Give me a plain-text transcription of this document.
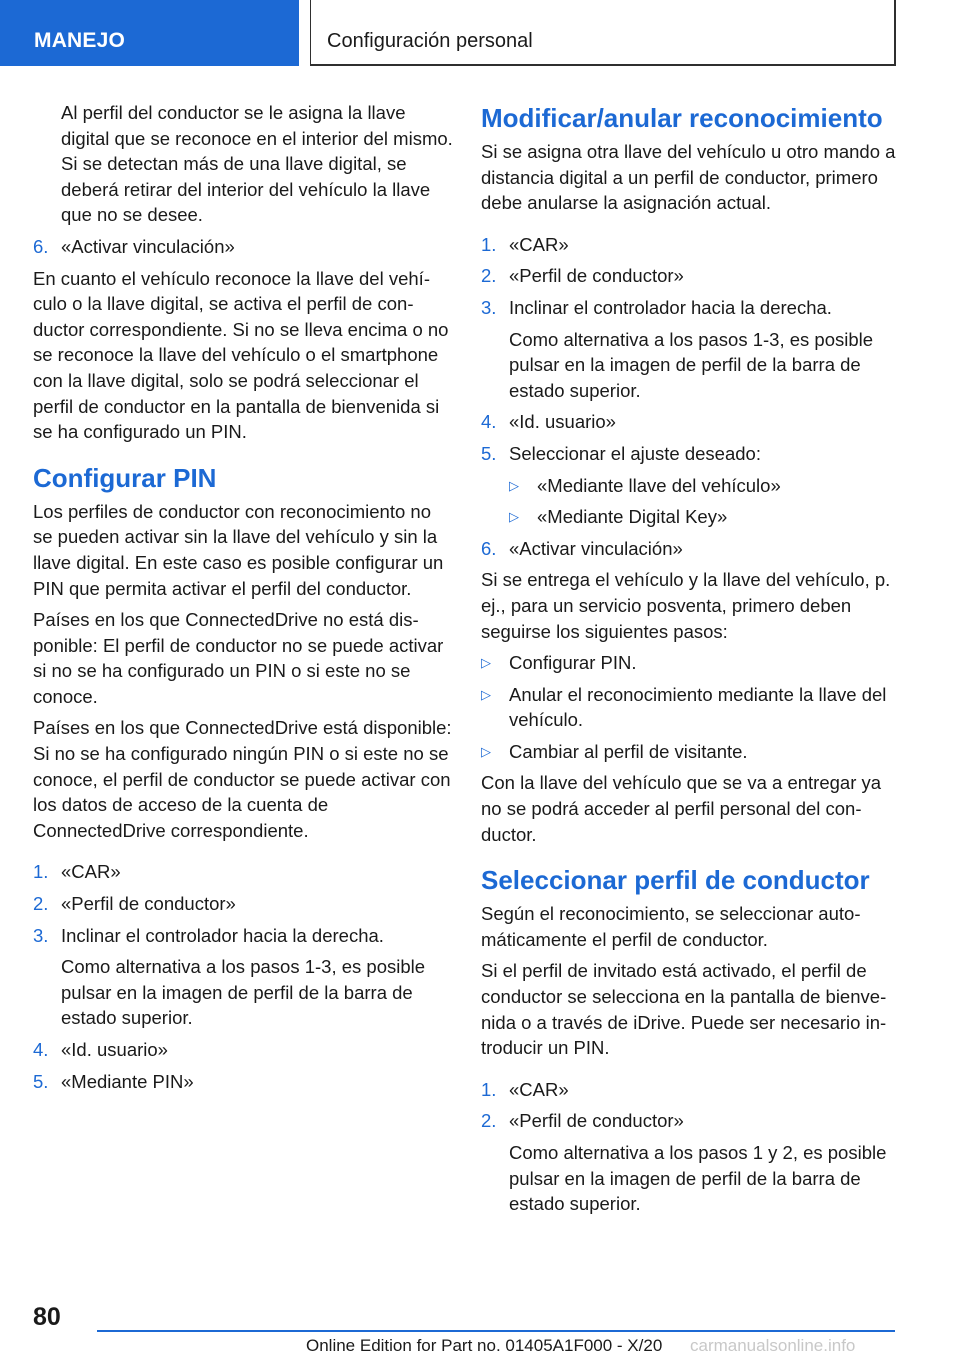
MANEJO	Configuración personal
Al perfil del conductor se le asigna la llave digital que se reconoce en el interior del mismo. Si se detectan más de una llave digital, se deberá retirar del interior del vehículo la llave que no se desee.
6. «Activar vinculación»
En cuanto el vehículo reconoce la llave del vehículo o la llave digital, se activa el perfil de conductor correspondiente. Si no se lleva encima o no se reconoce la llave del vehículo o el smartphone con la llave digital, solo se podrá seleccionar el perfil de conductor en la pantalla de bienvenida si se ha configurado un PIN.
Configurar PIN
Los perfiles de conductor con reconocimiento no se pueden activar sin la llave del vehículo y sin la llave digital. En este caso es posible configurar un PIN que permita activar el perfil del conductor.
Países en los que ConnectedDrive no está disponible: El perfil de conductor no se puede activar si no se ha configurado un PIN o si este no se conoce.
Países en los que ConnectedDrive está disponible: Si no se ha configurado ningún PIN o si este no se conoce, el perfil de conductor se puede activar con los datos de acceso de la cuenta de ConnectedDrive correspondiente.
1. «CAR»
2. «Perfil de conductor»
3. Inclinar el controlador hacia la derecha.
Como alternativa a los pasos 1-3, es posible pulsar en la imagen de perfil de la barra de estado superior.
4. «Id. usuario»
5. «Mediante PIN»
Modificar/anular reconocimiento
Si se asigna otra llave del vehículo u otro mando a distancia digital a un perfil de conductor, primero debe anularse la asignación actual.
1. «CAR»
2. «Perfil de conductor»
3. Inclinar el controlador hacia la derecha.
Como alternativa a los pasos 1-3, es posible pulsar en la imagen de perfil de la barra de estado superior.
4. «Id. usuario»
5. Seleccionar el ajuste deseado:
▷ «Mediante llave del vehículo»
▷ «Mediante Digital Key»
6. «Activar vinculación»
Si se entrega el vehículo y la llave del vehículo, p. ej., para un servicio posventa, primero deben seguirse los siguientes pasos:
▷ Configurar PIN.
▷ Anular el reconocimiento mediante la llave del vehículo.
▷ Cambiar al perfil de visitante.
Con la llave del vehículo que se va a entregar ya no se podrá acceder al perfil personal del conductor.
Seleccionar perfil de conductor
Según el reconocimiento, se seleccionar automáticamente el perfil de conductor.
Si el perfil de invitado está activado, el perfil de conductor se selecciona en la pantalla de bienvenida o a través de iDrive. Puede ser necesario introducir un PIN.
1. «CAR»
2. «Perfil de conductor»
Como alternativa a los pasos 1 y 2, es posible pulsar en la imagen de perfil de la barra de estado superior.
80
Online Edition for Part no. 01405A1F000 - X/20 carmanualsonline.info
